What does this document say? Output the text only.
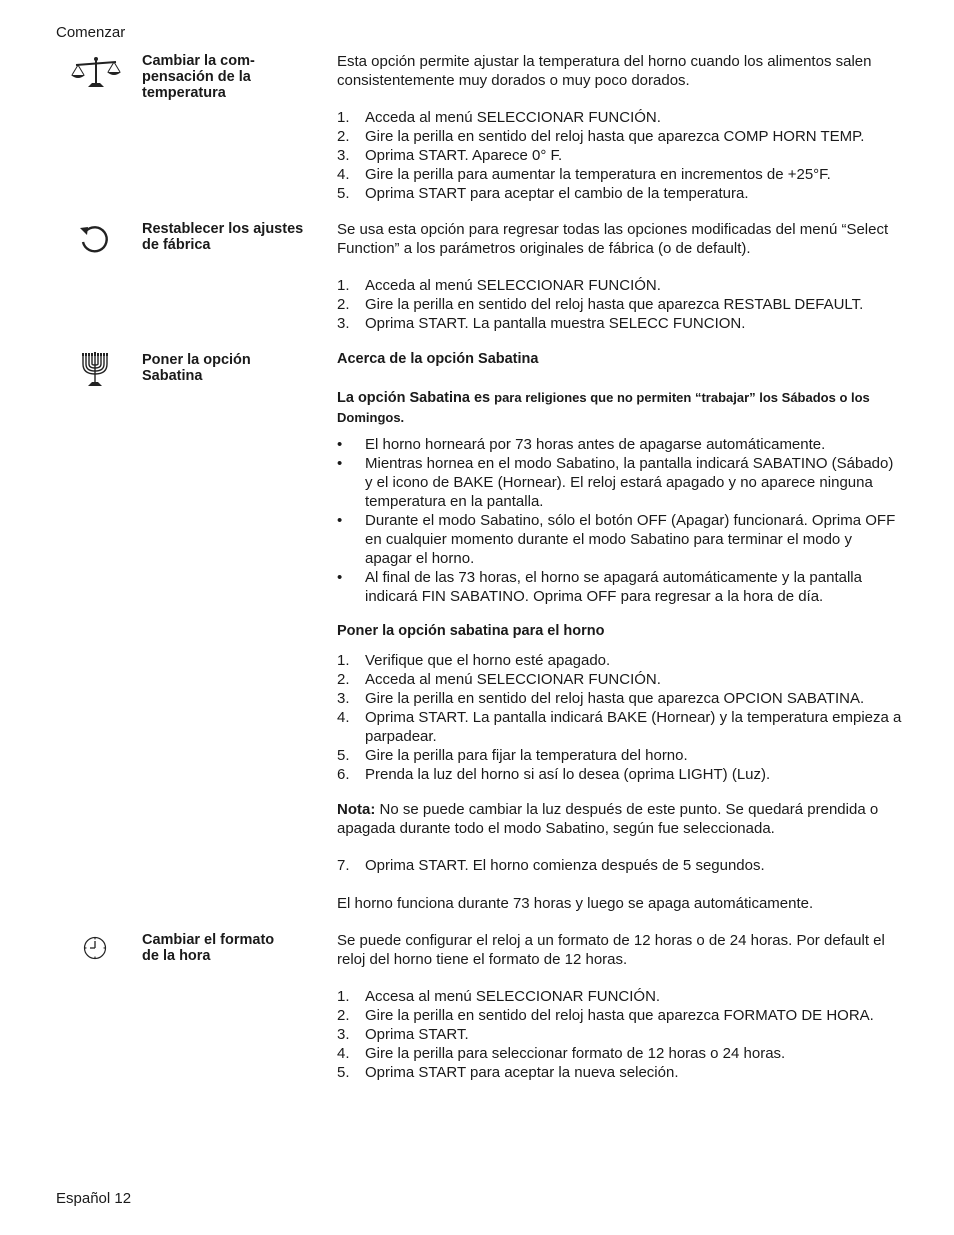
Comenzar
Cambiar la com-
pensación de la
temperatura
Esta opción permite ajustar la temperatura del horno cuando los alimentos salen consistentemente muy dorados o muy poco dorados.
1. Acceda al menú SELECCIONAR FUNCIÓN.
2. Gire la perilla en sentido del reloj hasta que aparezca COMP HORN TEMP.
3. Oprima START. Aparece 0° F.
4. Gire la perilla para aumentar la temperatura en incrementos de +25°F.
5. Oprima START para aceptar el cambio de la temperatura.
Restablecer los ajustes
de fábrica
Se usa esta opción para regresar todas las opciones modificadas del menú “Select Function” a los parámetros originales de fábrica (o de default).
1. Acceda al menú SELECCIONAR FUNCIÓN.
2. Gire la perilla en sentido del reloj hasta que aparezca RESTABL DEFAULT.
3. Oprima START. La pantalla muestra SELECC FUNCION.
Poner la opción
Sabatina
Acerca de la opción Sabatina
La opción Sabatina es para religiones que no permiten “trabajar” los Sábados o los Domingos.
• El horno horneará por 73 horas antes de apagarse automáticamente.
• Mientras hornea en el modo Sabatino, la pantalla indicará SABATINO (Sábado) y el icono de BAKE (Hornear). El reloj estará apagado y no aparece ninguna temperatura en la pantalla.
• Durante el modo Sabatino, sólo el botón OFF (Apagar) funcionará. Oprima OFF en cualquier momento durante el modo Sabatino para terminar el modo y apagar el horno.
• Al final de las 73 horas, el horno se apagará automáticamente y la pantalla indicará FIN SABATINO. Oprima OFF para regresar a la hora de día.
Poner la opción sabatina para el horno
1. Verifique que el horno esté apagado.
2. Acceda al menú SELECCIONAR FUNCIÓN.
3. Gire la perilla en sentido del reloj hasta que aparezca OPCION SABATINA.
4. Oprima START. La pantalla indicará BAKE (Hornear) y la temperatura empieza a parpadear.
5. Gire la perilla para fijar la temperatura del horno.
6. Prenda la luz del horno si así lo desea (oprima LIGHT) (Luz).
Nota: No se puede cambiar la luz después de este punto. Se quedará prendida o apagada durante todo el modo Sabatino, según fue seleccionada.
7. Oprima START. El horno comienza después de 5 segundos.
El horno funciona durante 73 horas y luego se apaga automáticamente.
Cambiar el formato
de la hora
Se puede configurar el reloj a un formato de 12 horas o de 24 horas. Por default el reloj del horno tiene el formato de 12 horas.
1. Accesa al menú SELECCIONAR FUNCIÓN.
2. Gire la perilla en sentido del reloj hasta que aparezca FORMATO DE HORA.
3. Oprima START.
4. Gire la perilla para seleccionar formato de 12 horas o 24 horas.
5. Oprima START para aceptar la nueva seleción.
Español 12
